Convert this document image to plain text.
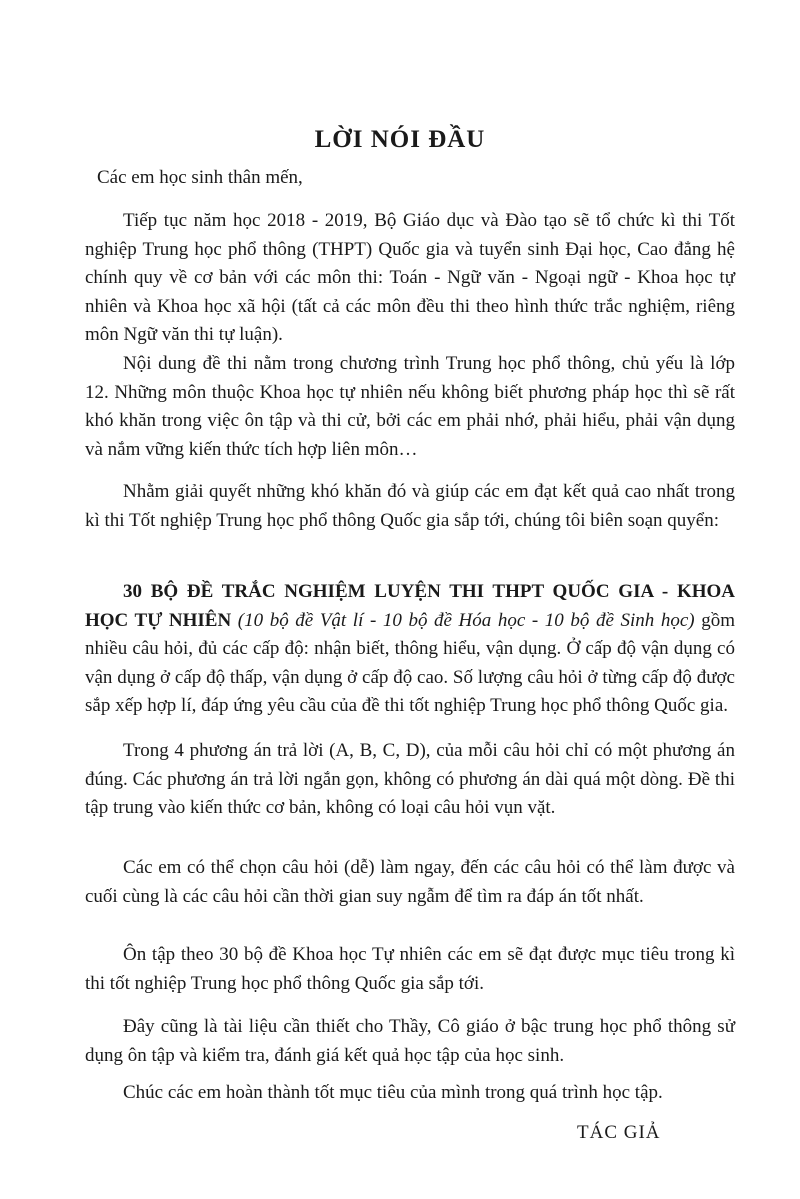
LỜI NÓI ĐẦU
Các em học sinh thân mến,
Tiếp tục năm học 2018 - 2019, Bộ Giáo dục và Đào tạo sẽ tổ chức kì thi Tốt nghiệp Trung học phổ thông (THPT) Quốc gia và tuyển sinh Đại học, Cao đẳng hệ chính quy về cơ bản với các môn thi: Toán - Ngữ văn - Ngoại ngữ - Khoa học tự nhiên và Khoa học xã hội (tất cả các môn đều thi theo hình thức trắc nghiệm, riêng môn Ngữ văn thi tự luận).
Nội dung đề thi nằm trong chương trình Trung học phổ thông, chủ yếu là lớp 12. Những môn thuộc Khoa học tự nhiên nếu không biết phương pháp học thì sẽ rất khó khăn trong việc ôn tập và thi cử, bởi các em phải nhớ, phải hiểu, phải vận dụng và nắm vững kiến thức tích hợp liên môn…
Nhằm giải quyết những khó khăn đó và giúp các em đạt kết quả cao nhất trong kì thi Tốt nghiệp Trung học phổ thông Quốc gia sắp tới, chúng tôi biên soạn quyển:
30 BỘ ĐỀ TRẮC NGHIỆM LUYỆN THI THPT QUỐC GIA - KHOA HỌC TỰ NHIÊN (10 bộ đề Vật lí - 10 bộ đề Hóa học - 10 bộ đề Sinh học) gồm nhiều câu hỏi, đủ các cấp độ: nhận biết, thông hiểu, vận dụng. Ở cấp độ vận dụng có vận dụng ở cấp độ thấp, vận dụng ở cấp độ cao. Số lượng câu hỏi ở từng cấp độ được sắp xếp hợp lí, đáp ứng yêu cầu của đề thi tốt nghiệp Trung học phổ thông Quốc gia.
Trong 4 phương án trả lời (A, B, C, D), của mỗi câu hỏi chỉ có một phương án đúng. Các phương án trả lời ngắn gọn, không có phương án dài quá một dòng. Đề thi tập trung vào kiến thức cơ bản, không có loại câu hỏi vụn vặt.
Các em có thể chọn câu hỏi (dễ) làm ngay, đến các câu hỏi có thể làm được và cuối cùng là các câu hỏi cần thời gian suy ngẫm để tìm ra đáp án tốt nhất.
Ôn tập theo 30 bộ đề Khoa học Tự nhiên các em sẽ đạt được mục tiêu trong kì thi tốt nghiệp Trung học phổ thông Quốc gia sắp tới.
Đây cũng là tài liệu cần thiết cho Thầy, Cô giáo ở bậc trung học phổ thông sử dụng ôn tập và kiểm tra, đánh giá kết quả học tập của học sinh.
Chúc các em hoàn thành tốt mục tiêu của mình trong quá trình học tập.
TÁC GIẢ
